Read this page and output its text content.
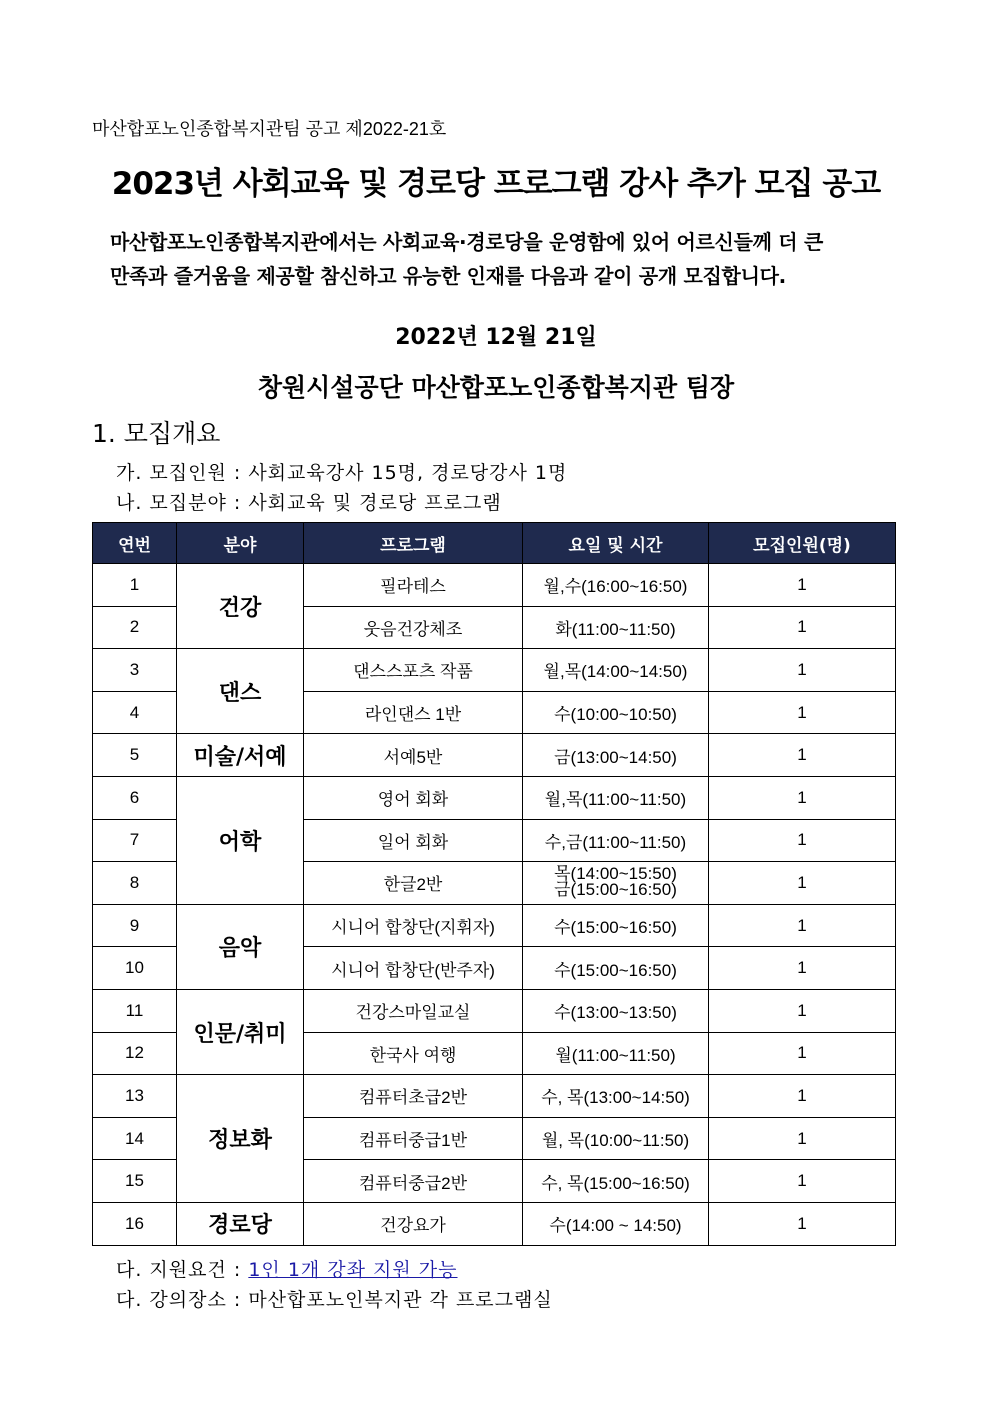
마산합포노인종합복지관팀 공고 제2022-21호
2023년 사회교육 및 경로당 프로그램 강사 추가 모집 공고
마산합포노인종합복지관에서는 사회교육·경로당을 운영함에 있어 어르신들께 더 큰
만족과 즐거움을 제공할 참신하고 유능한 인재를 다음과 같이 공개 모집합니다.
2022년 12월 21일
창원시설공단 마산합포노인종합복지관 팀장
1. 모집개요
가. 모집인원 : 사회교육강사 15명, 경로당강사 1명
나. 모집분야 : 사회교육 및 경로당 프로그램
연번	분야	프로그램	요일 및 시간	모집인원(명)
1	건강	필라테스	월,수(16:00~16:50)	1
2		웃음건강체조	화(11:00~11:50)	1
3	댄스	댄스스포츠 작품	월,목(14:00~14:50)	1
4		라인댄스 1반	수(10:00~10:50)	1
5	미술/서예	서예5반	금(13:00~14:50)	1
6	어학	영어 회화	월,목(11:00~11:50)	1
7		일어 회화	수,금(11:00~11:50)	1
8		한글2반	목(14:00~15:50)
금(15:00~16:50)	1
9	음악	시니어 합창단(지휘자)	수(15:00~16:50)	1
10		시니어 합창단(반주자)	수(15:00~16:50)	1
11	인문/취미	건강스마일교실	수(13:00~13:50)	1
12		한국사 여행	월(11:00~11:50)	1
13	정보화	컴퓨터초급2반	수, 목(13:00~14:50)	1
14		컴퓨터중급1반	월, 목(10:00~11:50)	1
15		컴퓨터중급2반	수, 목(15:00~16:50)	1
16	경로당	건강요가	수(14:00 ~ 14:50)	1
다. 지원요건 : 1인 1개 강좌 지원 가능
다. 강의장소 : 마산합포노인복지관 각 프로그램실
